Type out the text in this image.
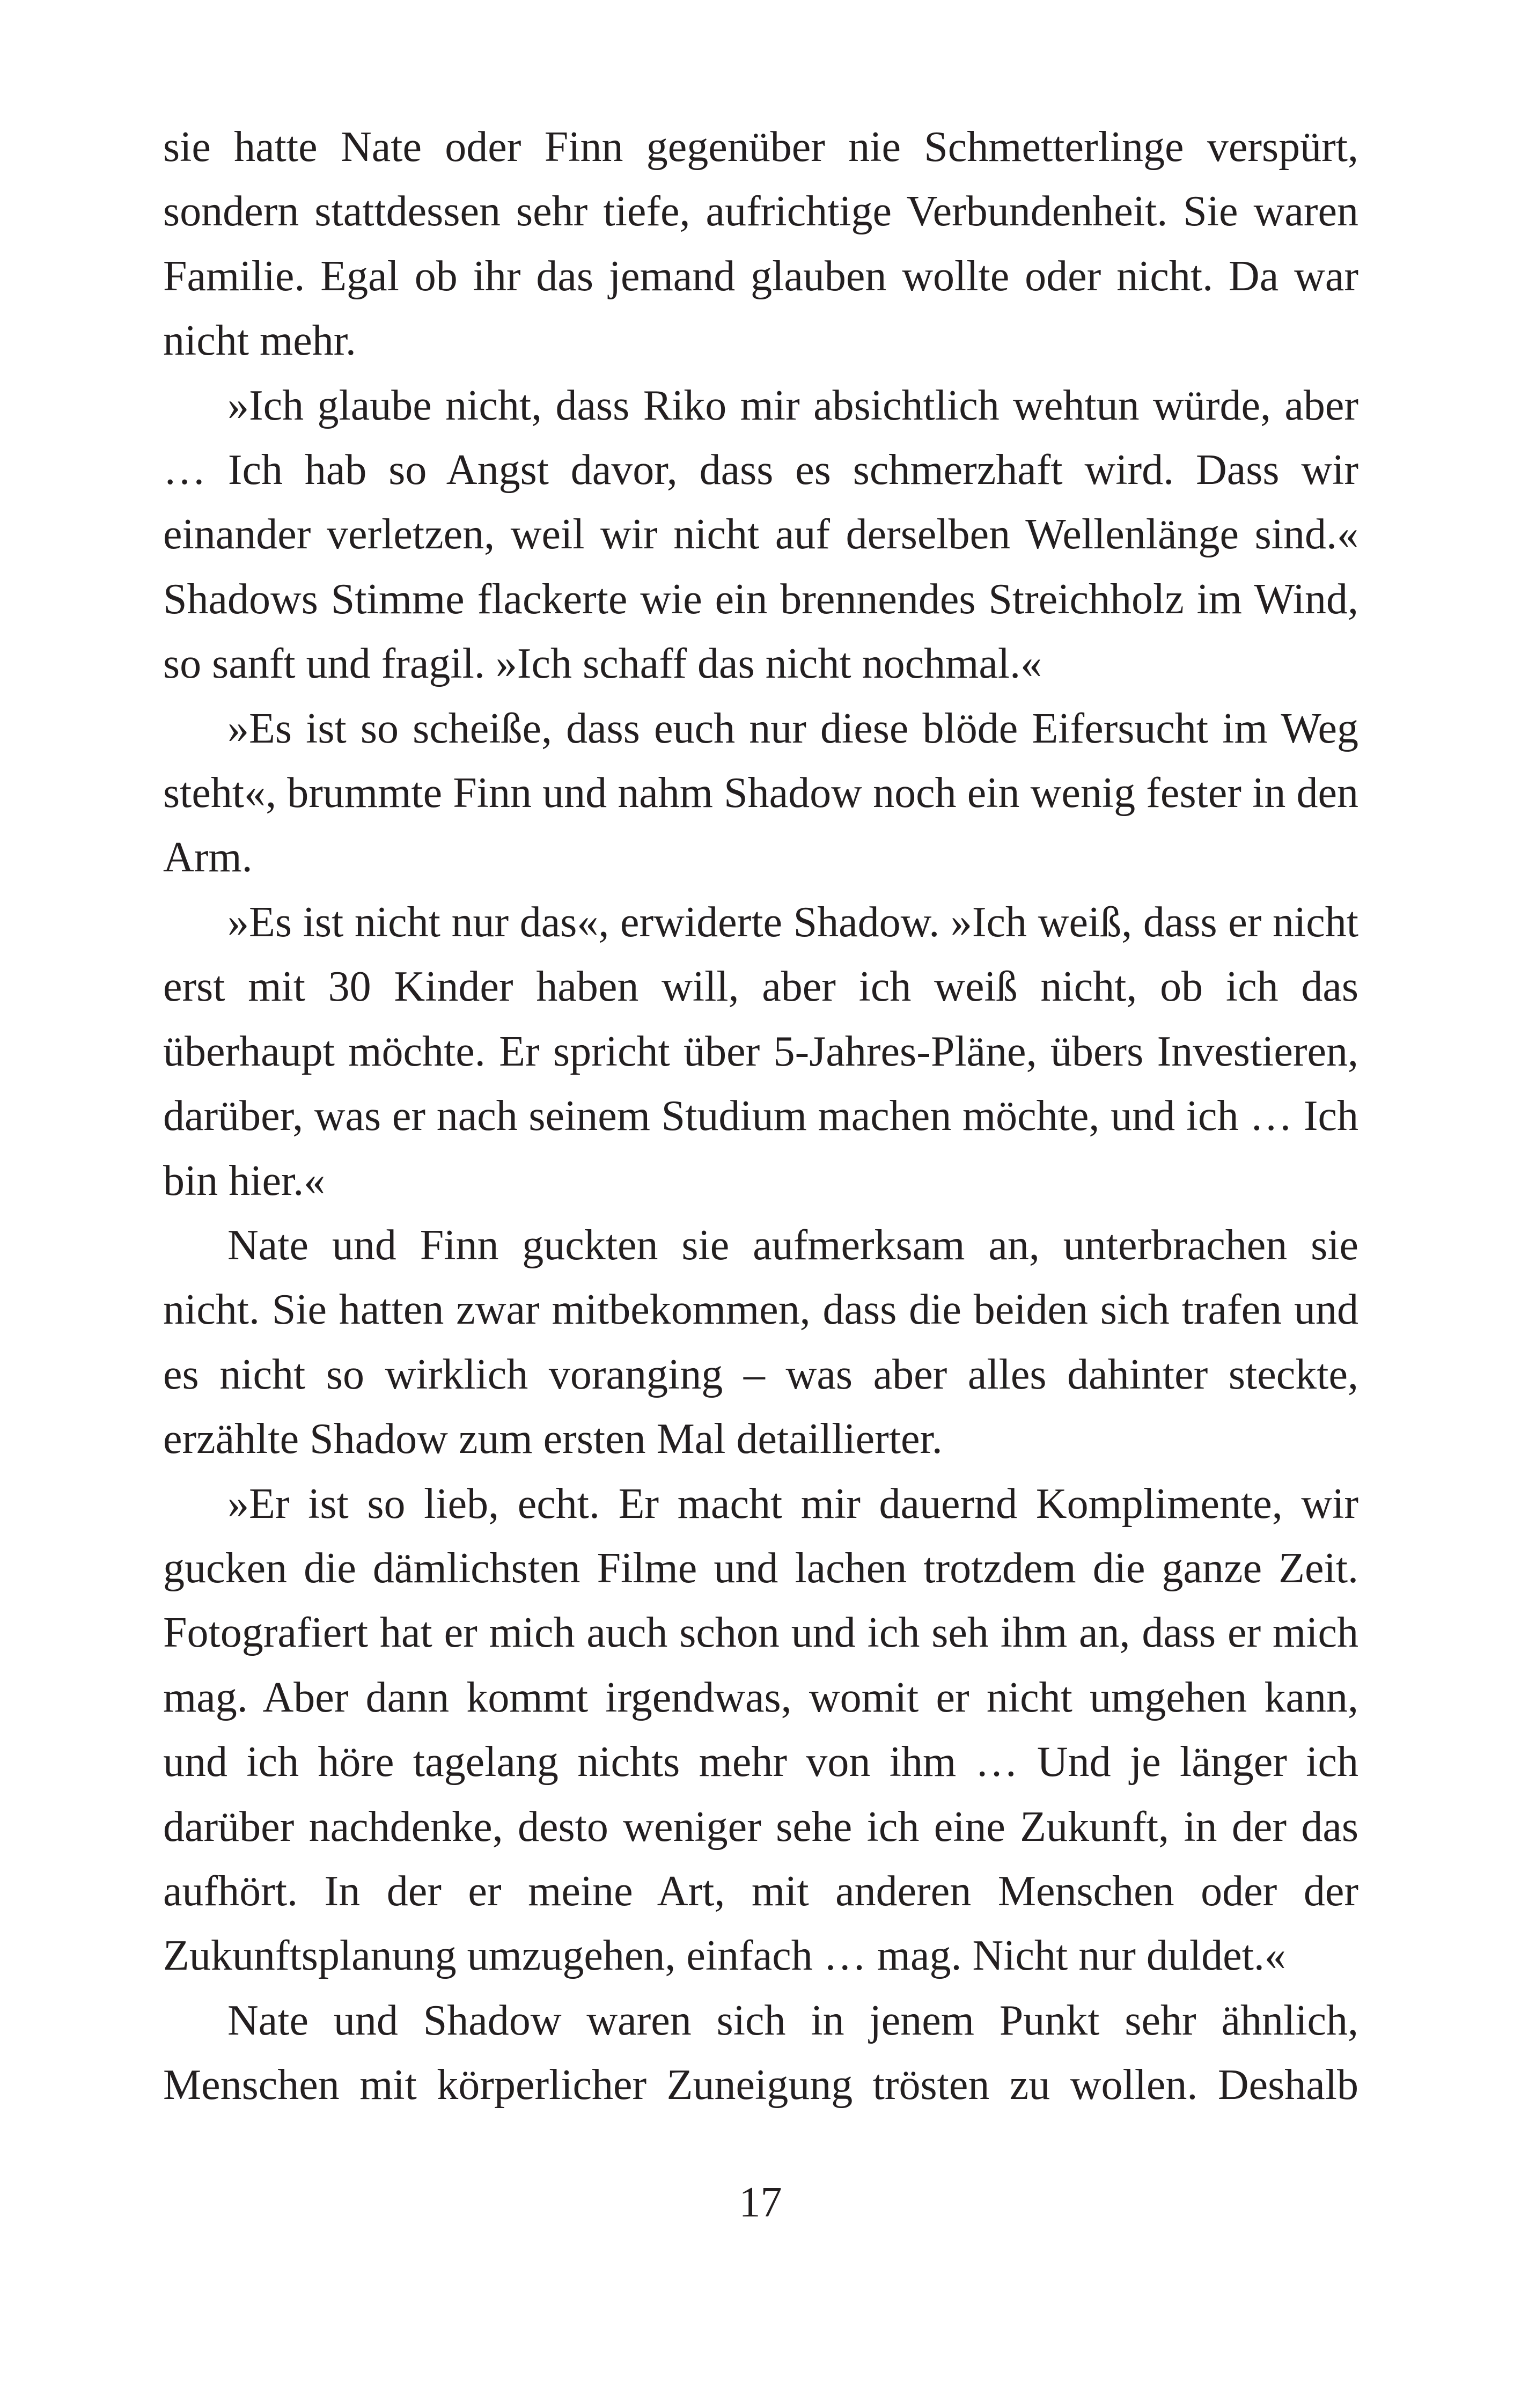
sie hatte Nate oder Finn gegenüber nie Schmetterlinge verspürt, sondern stattdessen sehr tiefe, aufrichtige Verbundenheit. Sie waren Familie. Egal ob ihr das jemand glauben wollte oder nicht. Da war nicht mehr.

»Ich glaube nicht, dass Riko mir absichtlich wehtun würde, aber … Ich hab so Angst davor, dass es schmerzhaft wird. Dass wir einander verletzen, weil wir nicht auf derselben Wellenlänge sind.« Shadows Stimme flackerte wie ein brennendes Streichholz im Wind, so sanft und fragil. »Ich schaff das nicht nochmal.«

»Es ist so scheiße, dass euch nur diese blöde Eifersucht im Weg steht«, brummte Finn und nahm Shadow noch ein wenig fester in den Arm.

»Es ist nicht nur das«, erwiderte Shadow. »Ich weiß, dass er nicht erst mit 30 Kinder haben will, aber ich weiß nicht, ob ich das überhaupt möchte. Er spricht über 5-Jahres-Pläne, übers Investieren, darüber, was er nach seinem Studium machen möchte, und ich … Ich bin hier.«

Nate und Finn guckten sie aufmerksam an, unterbrachen sie nicht. Sie hatten zwar mitbekommen, dass die beiden sich trafen und es nicht so wirklich voranging – was aber alles dahinter steckte, erzählte Shadow zum ersten Mal detaillierter.

»Er ist so lieb, echt. Er macht mir dauernd Komplimente, wir gucken die dämlichsten Filme und lachen trotzdem die ganze Zeit. Fotografiert hat er mich auch schon und ich seh ihm an, dass er mich mag. Aber dann kommt irgendwas, womit er nicht umgehen kann, und ich höre tagelang nichts mehr von ihm … Und je länger ich darüber nachdenke, desto weniger sehe ich eine Zukunft, in der das aufhört. In der er meine Art, mit anderen Menschen oder der Zukunftsplanung umzugehen, einfach … mag. Nicht nur duldet.«

Nate und Shadow waren sich in jenem Punkt sehr ähnlich, Menschen mit körperlicher Zuneigung trösten zu wollen. Deshalb

17
